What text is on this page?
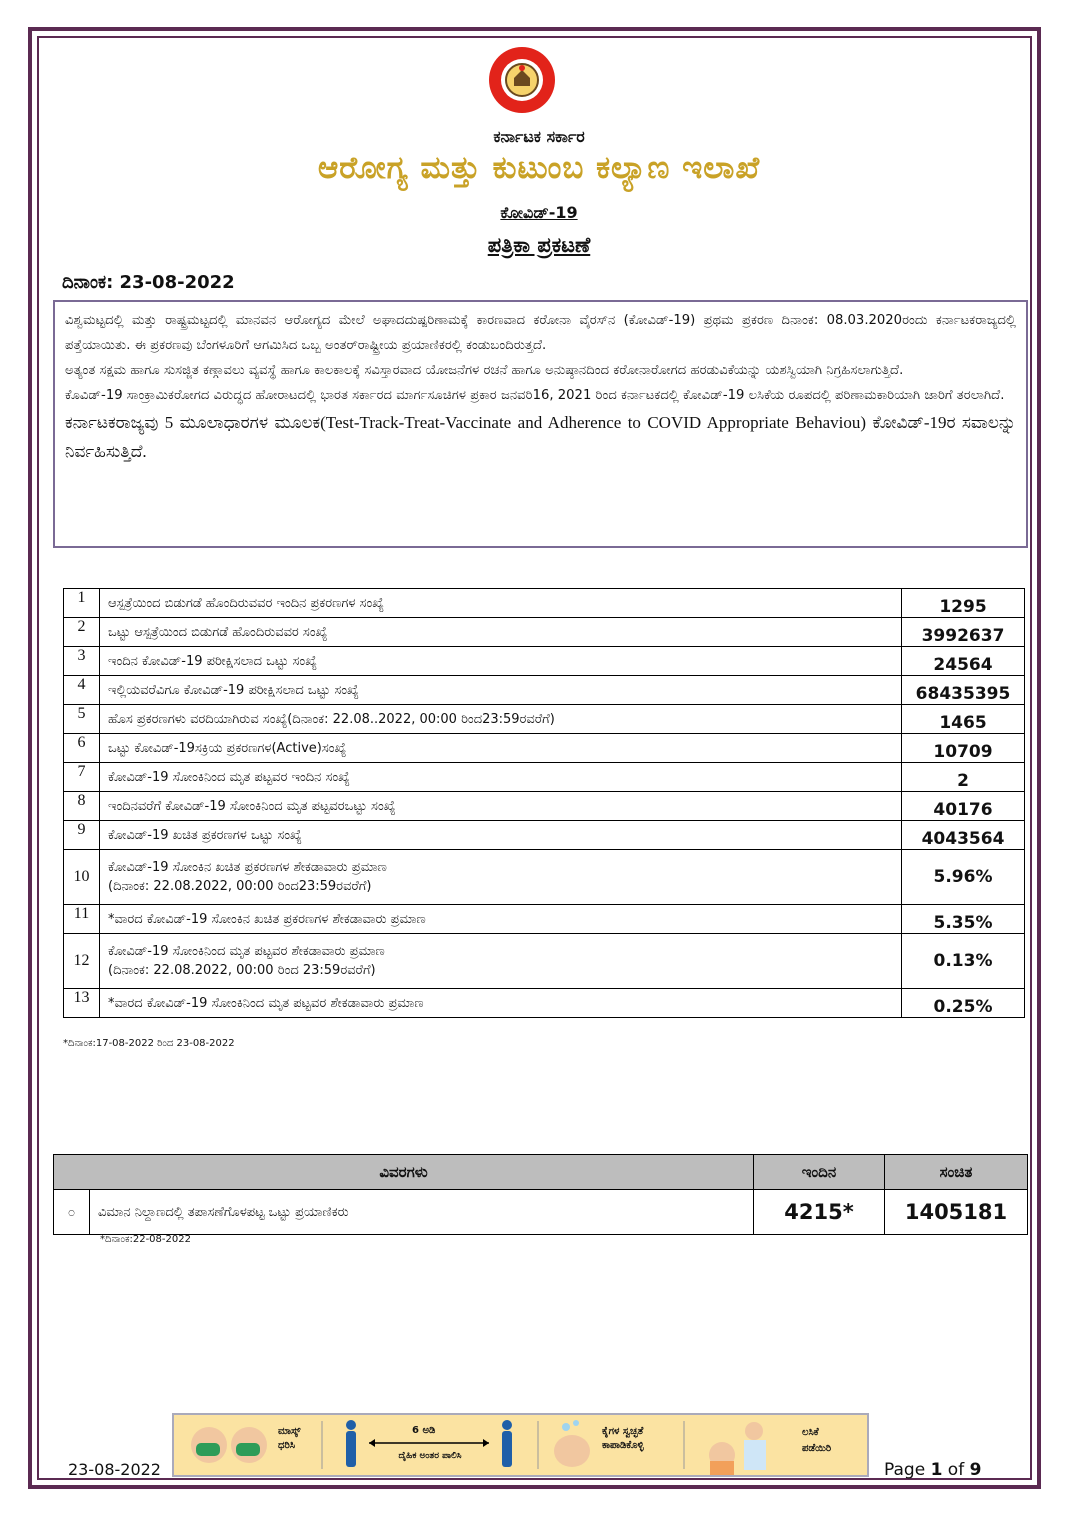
ಕರ್ನಾಟಕ ಸರ್ಕಾರ
ಆರೋಗ್ಯ ಮತ್ತು ಕುಟುಂಬ ಕಲ್ಯಾಣ ಇಲಾಖೆ
ಕೋವಿಡ್-19
ಪತ್ರಿಕಾ ಪ್ರಕಟಣೆ
ದಿನಾಂಕ: 23-08-2022

ವಿಶ್ವಮಟ್ಟದಲ್ಲಿ ಮತ್ತು ರಾಷ್ಟ್ರಮಟ್ಟದಲ್ಲಿ ಮಾನವನ ಆರೋಗ್ಯದ ಮೇಲೆ ಅಘಾದದುಷ್ಪರಿಣಾಮಕ್ಕೆ ಕಾರಣವಾದ ಕರೋನಾ ವೈರಸ್‌ನ (ಕೋವಿಡ್-19) ಪ್ರಥಮ ಪ್ರಕರಣ ದಿನಾಂಕ: 08.03.2020ರಂದು ಕರ್ನಾಟಕರಾಜ್ಯದಲ್ಲಿ ಪತ್ತೆಯಾಯಿತು. ಈ ಪ್ರಕರಣವು ಬೆಂಗಳೂರಿಗೆ ಆಗಮಿಸಿದ ಒಬ್ಬ ಅಂತರ್‌ರಾಷ್ಟ್ರೀಯ ಪ್ರಯಾಣಿಕರಲ್ಲಿ ಕಂಡುಬಂದಿರುತ್ತದೆ.

ಅತ್ಯಂತ ಸಕ್ಷಮ ಹಾಗೂ ಸುಸಜ್ಜಿತ ಕಣ್ಗಾವಲು ವ್ಯವಸ್ಥೆ ಹಾಗೂ ಕಾಲಕಾಲಕ್ಕೆ ಸವಿಸ್ತಾರವಾದ ಯೋಜನೆಗಳ ರಚನೆ ಹಾಗೂ ಅನುಷ್ಠಾನದಿಂದ ಕರೋನಾರೋಗದ ಹರಡುವಿಕೆಯನ್ನು ಯಶಸ್ವಿಯಾಗಿ ನಿಗ್ರಹಿಸಲಾಗುತ್ತಿದೆ.

ಕೊವಿಡ್-19 ಸಾಂಕ್ರಾಮಿಕರೋಗದ ವಿರುದ್ಧದ ಹೋರಾಟದಲ್ಲಿ ಭಾರತ ಸರ್ಕಾರದ ಮಾರ್ಗಸೂಚಿಗಳ ಪ್ರಕಾರ ಜನವರಿ16, 2021 ರಿಂದ ಕರ್ನಾಟಕದಲ್ಲಿ ಕೋವಿಡ್-19 ಲಸಿಕೆಯ ರೂಪದಲ್ಲಿ ಪರಿಣಾಮಕಾರಿಯಾಗಿ ಜಾರಿಗೆ ತರಲಾಗಿದೆ.

ಕರ್ನಾಟಕರಾಜ್ಯವು 5 ಮೂಲಾಧಾರಗಳ ಮೂಲಕ(Test-Track-Treat-Vaccinate and Adherence to COVID Appropriate Behaviou) ಕೋವಿಡ್-19ರ ಸವಾಲನ್ನು ನಿರ್ವಹಿಸುತ್ತಿದೆ.

1	ಆಸ್ಪತ್ರೆಯಿಂದ ಬಿಡುಗಡೆ ಹೊಂದಿರುವವರ ಇಂದಿನ ಪ್ರಕರಣಗಳ ಸಂಖ್ಯೆ	1295
2	ಒಟ್ಟು ಆಸ್ಪತ್ರೆಯಿಂದ ಬಿಡುಗಡೆ ಹೊಂದಿರುವವರ ಸಂಖ್ಯೆ	3992637
3	ಇಂದಿನ ಕೋವಿಡ್-19 ಪರೀಕ್ಷಿಸಲಾದ ಒಟ್ಟು ಸಂಖ್ಯೆ	24564
4	ಇಲ್ಲಿಯವರೆವಿಗೂ ಕೋವಿಡ್-19 ಪರೀಕ್ಷಿಸಲಾದ ಒಟ್ಟು ಸಂಖ್ಯೆ	68435395
5	ಹೊಸ ಪ್ರಕರಣಗಳು ವರದಿಯಾಗಿರುವ ಸಂಖ್ಯೆ(ದಿನಾಂಕ: 22.08..2022, 00:00 ರಿಂದ23:59ರವರೆಗೆ)	1465
6	ಒಟ್ಟು ಕೋವಿಡ್-19ಸಕ್ರಿಯ ಪ್ರಕರಣಗಳ(Active)ಸಂಖ್ಯೆ	10709
7	ಕೋವಿಡ್-19 ಸೋಂಕಿನಿಂದ ಮೃತ ಪಟ್ಟವರ ಇಂದಿನ ಸಂಖ್ಯೆ	2
8	ಇಂದಿನವರೆಗೆ ಕೋವಿಡ್-19 ಸೋಂಕಿನಿಂದ ಮೃತ ಪಟ್ಟವರಒಟ್ಟು ಸಂಖ್ಯೆ	40176
9	ಕೋವಿಡ್-19 ಖಚಿತ ಪ್ರಕರಣಗಳ ಒಟ್ಟು ಸಂಖ್ಯೆ	4043564
10	ಕೋವಿಡ್-19 ಸೋಂಕಿನ ಖಚಿತ ಪ್ರಕರಣಗಳ ಶೇಕಡಾವಾರು ಪ್ರಮಾಣ
(ದಿನಾಂಕ: 22.08.2022, 00:00 ರಿಂದ23:59ರವರೆಗೆ)	5.96%
11	*ವಾರದ ಕೋವಿಡ್-19 ಸೋಂಕಿನ ಖಚಿತ ಪ್ರಕರಣಗಳ ಶೇಕಡಾವಾರು ಪ್ರಮಾಣ	5.35%
12	ಕೋವಿಡ್-19 ಸೋಂಕಿನಿಂದ ಮೃತ ಪಟ್ಟವರ ಶೇಕಡಾವಾರು ಪ್ರಮಾಣ
(ದಿನಾಂಕ: 22.08.2022, 00:00 ರಿಂದ 23:59ರವರೆಗೆ)	0.13%
13	*ವಾರದ ಕೋವಿಡ್-19 ಸೋಂಕಿನಿಂದ ಮೃತ ಪಟ್ಟವರ ಶೇಕಡಾವಾರು ಪ್ರಮಾಣ	0.25%
*ದಿನಾಂಕ:17-08-2022 ರಿಂದ 23-08-2022
ವಿವರಗಳು		ಇಂದಿನ	ಸಂಚಿತ
೦	ವಿಮಾನ ನಿಲ್ದಾಣದಲ್ಲಿ ತಪಾಸಣೆಗೊಳಪಟ್ಟ ಒಟ್ಟು ಪ್ರಯಾಣಿಕರು	4215*	1405181
*ದಿನಾಂಕ:22-08-2022
ಮಾಸ್ಕ್ ಧರಿಸಿ
6 ಅಡಿ
ದೈಹಿಕ ಅಂತರ ಪಾಲಿಸಿ
ಕೈಗಳ ಸ್ವಚ್ಛತೆ ಕಾಪಾಡಿಕೊಳ್ಳಿ
ಲಸಿಕೆ ಪಡೆಯಿರಿ
23-08-2022	Page 1 of 9
